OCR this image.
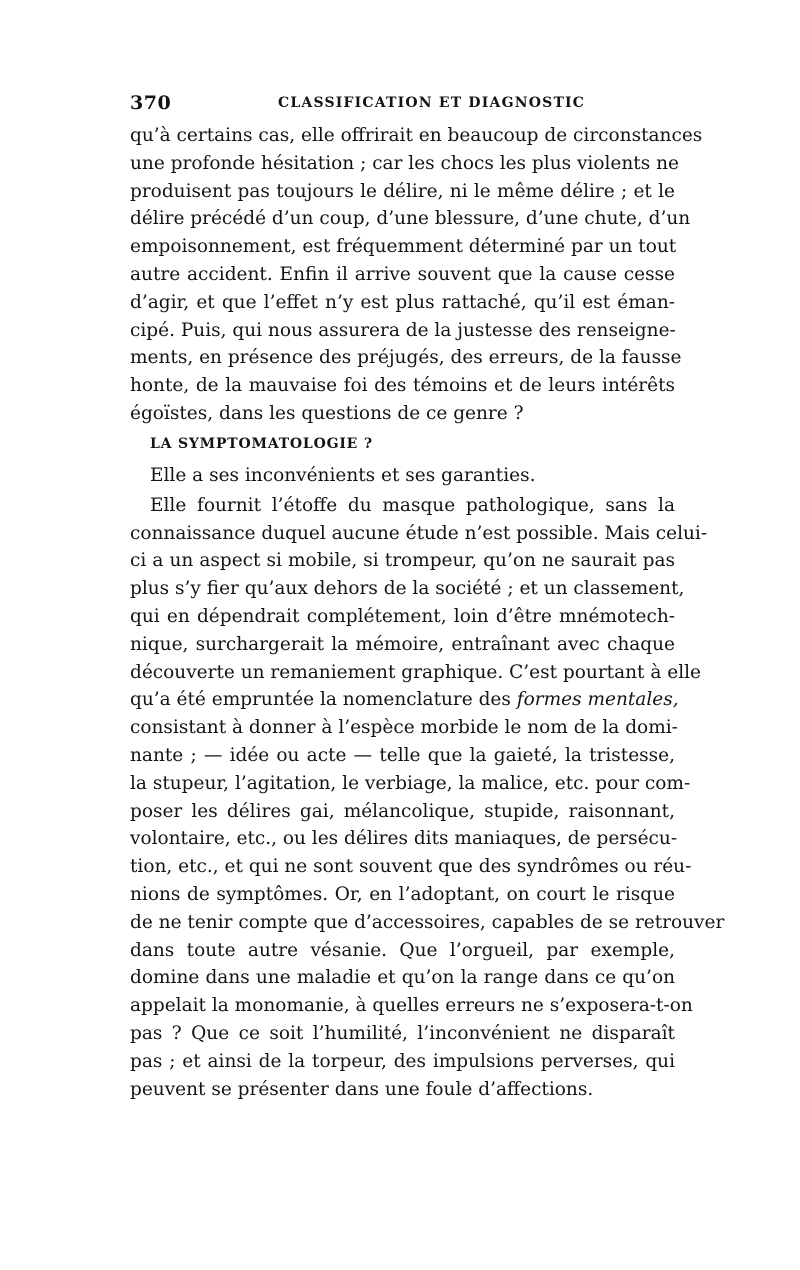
370	CLASSIFICATION ET DIAGNOSTIC
qu’à certains cas, elle offrirait en beaucoup de circonstances
une profonde hésitation ; car les chocs les plus violents ne
produisent pas toujours le délire, ni le même délire ; et le
délire précédé d’un coup, d’une blessure, d’une chute, d’un
empoisonnement, est fréquemment déterminé par un tout
autre accident. Enfin il arrive souvent que la cause cesse
d’agir, et que l’effet n’y est plus rattaché, qu’il est éman-
cipé. Puis, qui nous assurera de la justesse des renseigne-
ments, en présence des préjugés, des erreurs, de la fausse
honte, de la mauvaise foi des témoins et de leurs intérêts
égoïstes, dans les questions de ce genre ?
LA SYMPTOMATOLOGIE ?
Elle a ses inconvénients et ses garanties.
Elle fournit l’étoffe du masque pathologique, sans la
connaissance duquel aucune étude n’est possible. Mais celui-
ci a un aspect si mobile, si trompeur, qu’on ne saurait pas
plus s’y fier qu’aux dehors de la société ; et un classement,
qui en dépendrait complétement, loin d’être mnémotech-
nique, surchargerait la mémoire, entraînant avec chaque
découverte un remaniement graphique. C’est pourtant à elle
qu’a été empruntée la nomenclature des formes mentales,
consistant à donner à l’espèce morbide le nom de la domi-
nante ; — idée ou acte — telle que la gaieté, la tristesse,
la stupeur, l’agitation, le verbiage, la malice, etc. pour com-
poser les délires gai, mélancolique, stupide, raisonnant,
volontaire, etc., ou les délires dits maniaques, de persécu-
tion, etc., et qui ne sont souvent que des syndrômes ou réu-
nions de symptômes. Or, en l’adoptant, on court le risque
de ne tenir compte que d’accessoires, capables de se retrouver
dans toute autre vésanie. Que l’orgueil, par exemple,
domine dans une maladie et qu’on la range dans ce qu’on
appelait la monomanie, à quelles erreurs ne s’exposera-t-on
pas ? Que ce soit l’humilité, l’inconvénient ne disparaît
pas ; et ainsi de la torpeur, des impulsions perverses, qui
peuvent se présenter dans une foule d’affections.
